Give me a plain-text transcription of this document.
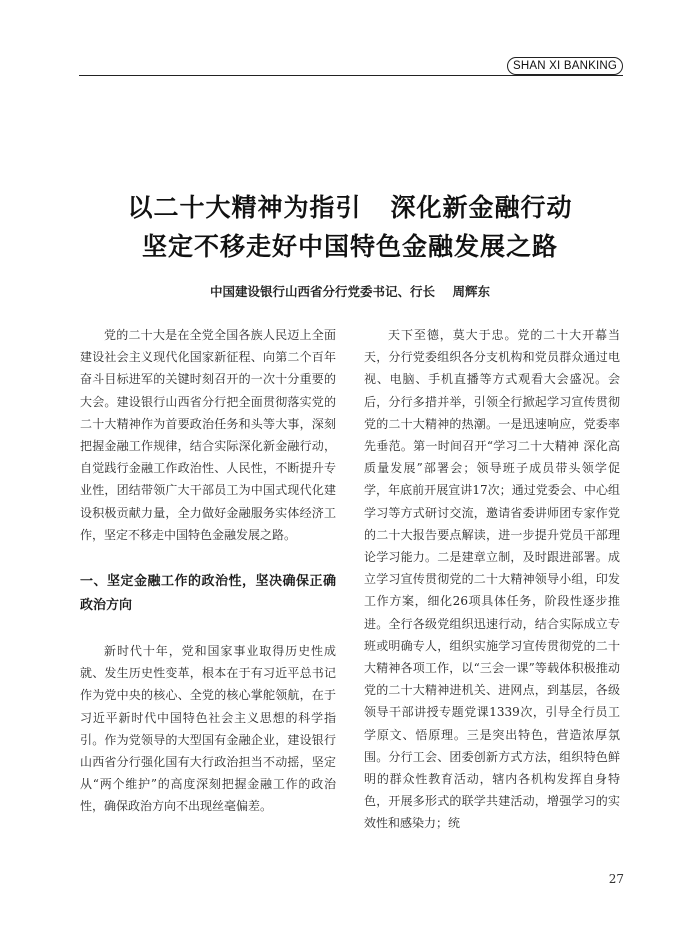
SHAN XI BANKING
以二十大精神为指引   深化新金融行动
坚定不移走好中国特色金融发展之路
中国建设银行山西省分行党委书记、行长    周辉东

党的二十大是在全党全国各族人民迈上全面建设社会主义现代化国家新征程、向第二个百年奋斗目标进军的关键时刻召开的一次十分重要的大会。建设银行山西省分行把全面贯彻落实党的二十大精神作为首要政治任务和头等大事，深刻把握金融工作规律，结合实际深化新金融行动，自觉践行金融工作政治性、人民性，不断提升专业性，团结带领广大干部员工为中国式现代化建设积极贡献力量，全力做好金融服务实体经济工作，坚定不移走中国特色金融发展之路。

一、坚定金融工作的政治性，坚决确保正确政治方向

新时代十年，党和国家事业取得历史性成就、发生历史性变革，根本在于有习近平总书记作为党中央的核心、全党的核心掌舵领航，在于习近平新时代中国特色社会主义思想的科学指引。作为党领导的大型国有金融企业，建设银行山西省分行强化国有大行政治担当不动摇，坚定从“两个维护”的高度深刻把握金融工作的政治性，确保政治方向不出现丝毫偏差。

天下至德，莫大于忠。党的二十大开幕当天，分行党委组织各分支机构和党员群众通过电视、电脑、手机直播等方式观看大会盛况。会后，分行多措并举，引领全行掀起学习宣传贯彻党的二十大精神的热潮。一是迅速响应，党委率先垂范。第一时间召开“学习二十大精神 深化高质量发展”部署会；领导班子成员带头领学促学，年底前开展宣讲17次；通过党委会、中心组学习等方式研讨交流，邀请省委讲师团专家作党的二十大报告要点解读，进一步提升党员干部理论学习能力。二是建章立制，及时跟进部署。成立学习宣传贯彻党的二十大精神领导小组，印发工作方案，细化26项具体任务，阶段性逐步推进。全行各级党组织迅速行动，结合实际成立专班或明确专人，组织实施学习宣传贯彻党的二十大精神各项工作，以“三会一课”等载体积极推动党的二十大精神进机关、进网点，到基层，各级领导干部讲授专题党课1339次，引导全行员工学原文、悟原理。三是突出特色，营造浓厚氛围。分行工会、团委创新方式方法，组织特色鲜明的群众性教育活动，辖内各机构发挥自身特色，开展多形式的联学共建活动，增强学习的实效性和感染力；统

27
